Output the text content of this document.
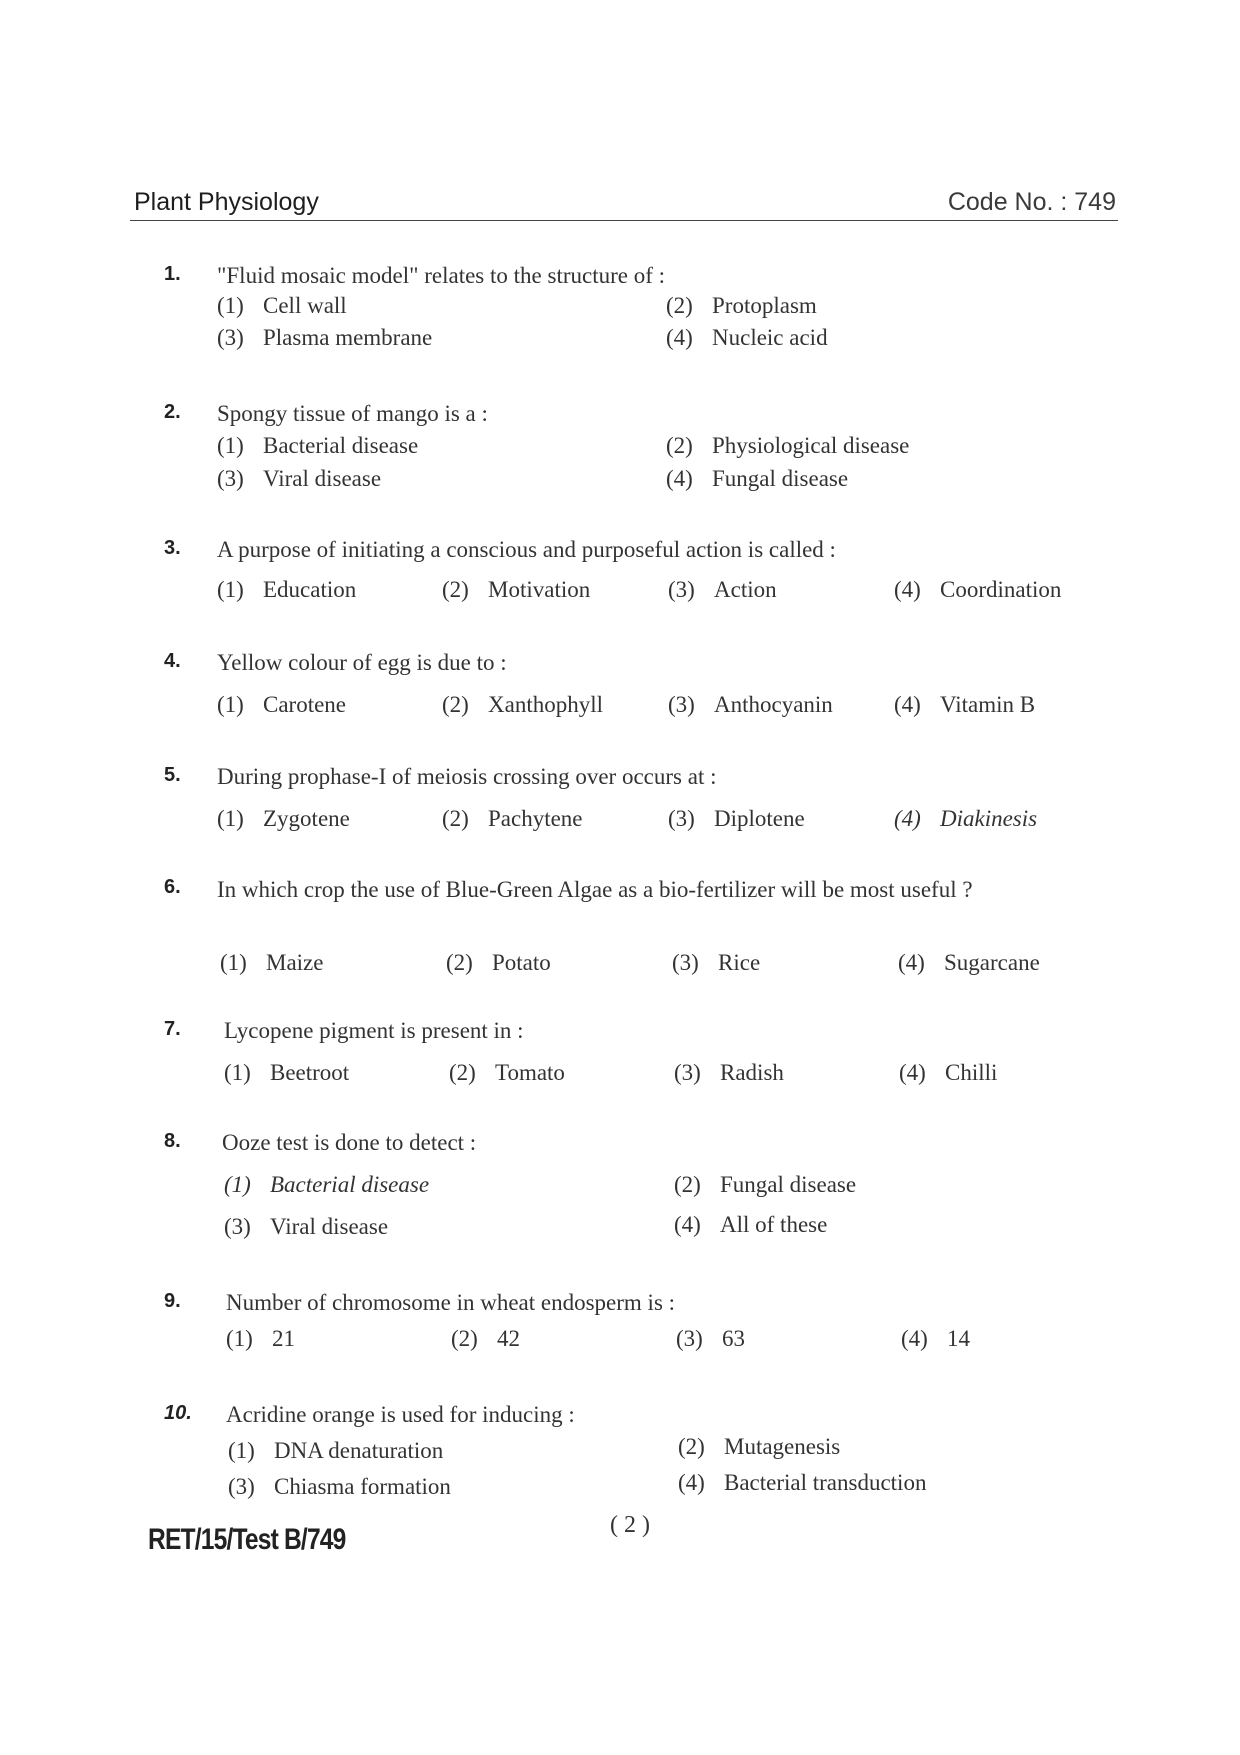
Plant Physiology	Code No. : 749
1. "Fluid mosaic model" relates to the structure of :
(1) Cell wall	(2) Protoplasm
(3) Plasma membrane	(4) Nucleic acid
2. Spongy tissue of mango is a :
(1) Bacterial disease	(2) Physiological disease
(3) Viral disease	(4) Fungal disease
3. A purpose of initiating a conscious and purposeful action is called :
(1) Education	(2) Motivation	(3) Action	(4) Coordination
4. Yellow colour of egg is due to :
(1) Carotene	(2) Xanthophyll	(3) Anthocyanin	(4) Vitamin B
5. During prophase-I of meiosis crossing over occurs at :
(1) Zygotene	(2) Pachytene	(3) Diplotene	(4) Diakinesis
6. In which crop the use of Blue-Green Algae as a bio-fertilizer will be most useful ?
(1) Maize	(2) Potato	(3) Rice	(4) Sugarcane
7. Lycopene pigment is present in :
(1) Beetroot	(2) Tomato	(3) Radish	(4) Chilli
8. Ooze test is done to detect :
(1) Bacterial disease	(2) Fungal disease
(3) Viral disease	(4) All of these
9. Number of chromosome in wheat endosperm is :
(1) 21	(2) 42	(3) 63	(4) 14
10. Acridine orange is used for inducing :
(1) DNA denaturation	(2) Mutagenesis
(3) Chiasma formation	(4) Bacterial transduction
RET/15/Test B/749	( 2 )
